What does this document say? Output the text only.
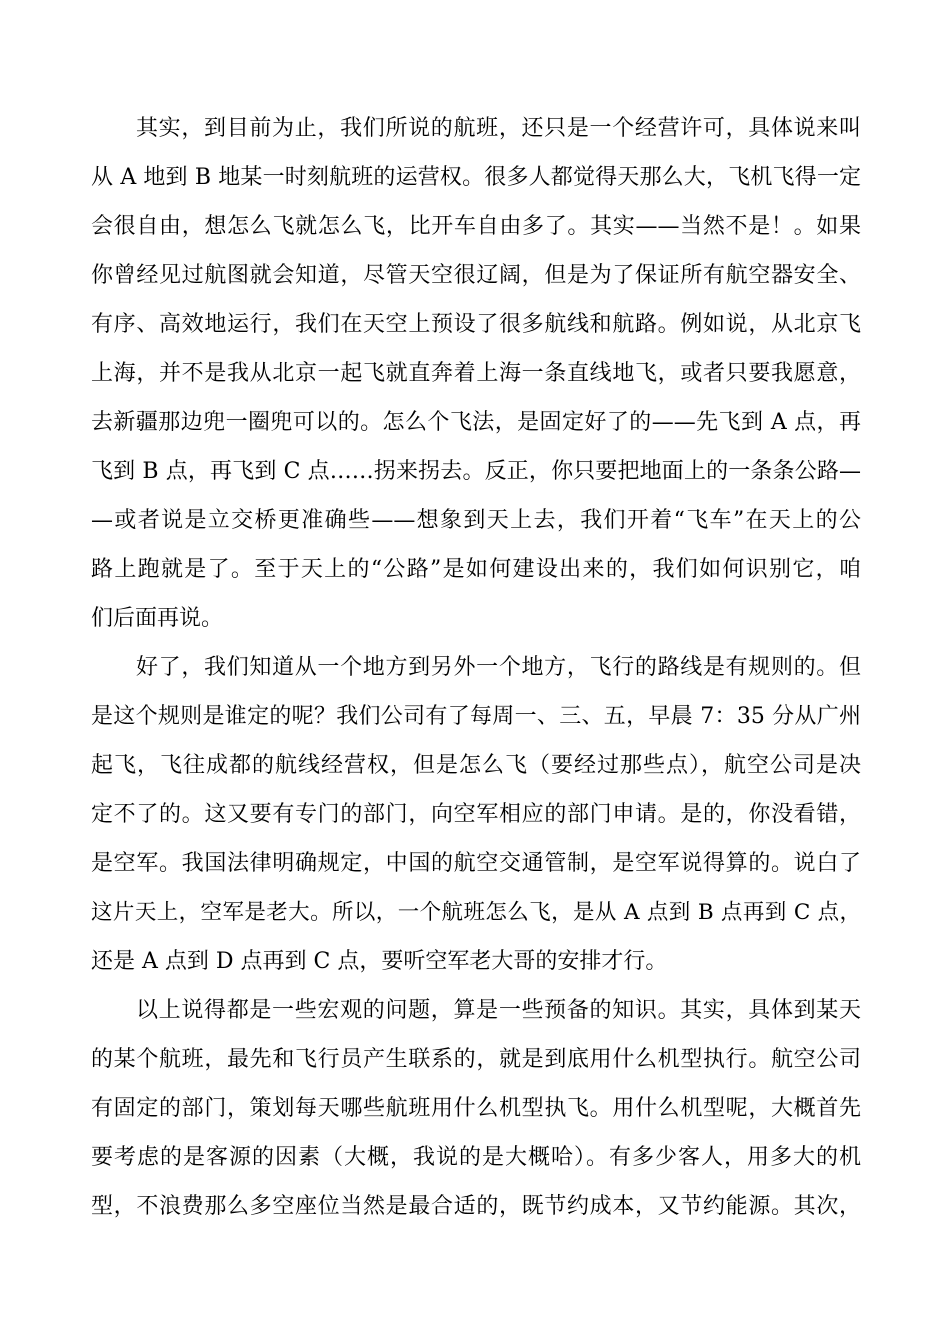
其实，到目前为止，我们所说的航班，还只是一个经营许可，具体说来叫
从 A 地到 B 地某一时刻航班的运营权。很多人都觉得天那么大，飞机飞得一定
会很自由，想怎么飞就怎么飞，比开车自由多了。其实——当然不是！。如果
你曾经见过航图就会知道，尽管天空很辽阔，但是为了保证所有航空器安全、
有序、高效地运行，我们在天空上预设了很多航线和航路。例如说，从北京飞
上海，并不是我从北京一起飞就直奔着上海一条直线地飞，或者只要我愿意，
去新疆那边兜一圈兜可以的。怎么个飞法，是固定好了的——先飞到 A 点，再
飞到 B 点，再飞到 C 点……拐来拐去。反正，你只要把地面上的一条条公路—
—或者说是立交桥更准确些——想象到天上去，我们开着“飞车”在天上的公
路上跑就是了。至于天上的“公路”是如何建设出来的，我们如何识别它，咱
们后面再说。
好了，我们知道从一个地方到另外一个地方，飞行的路线是有规则的。但
是这个规则是谁定的呢？我们公司有了每周一、三、五，早晨 7：35 分从广州
起飞，飞往成都的航线经营权，但是怎么飞（要经过那些点），航空公司是决
定不了的。这又要有专门的部门，向空军相应的部门申请。是的，你没看错，
是空军。我国法律明确规定，中国的航空交通管制，是空军说得算的。说白了
这片天上，空军是老大。所以，一个航班怎么飞，是从 A 点到 B 点再到 C 点，
还是 A 点到 D 点再到 C 点，要听空军老大哥的安排才行。
以上说得都是一些宏观的问题，算是一些预备的知识。其实，具体到某天
的某个航班，最先和飞行员产生联系的，就是到底用什么机型执行。航空公司
有固定的部门，策划每天哪些航班用什么机型执飞。用什么机型呢，大概首先
要考虑的是客源的因素（大概，我说的是大概哈）。有多少客人，用多大的机
型，不浪费那么多空座位当然是最合适的，既节约成本，又节约能源。其次，
